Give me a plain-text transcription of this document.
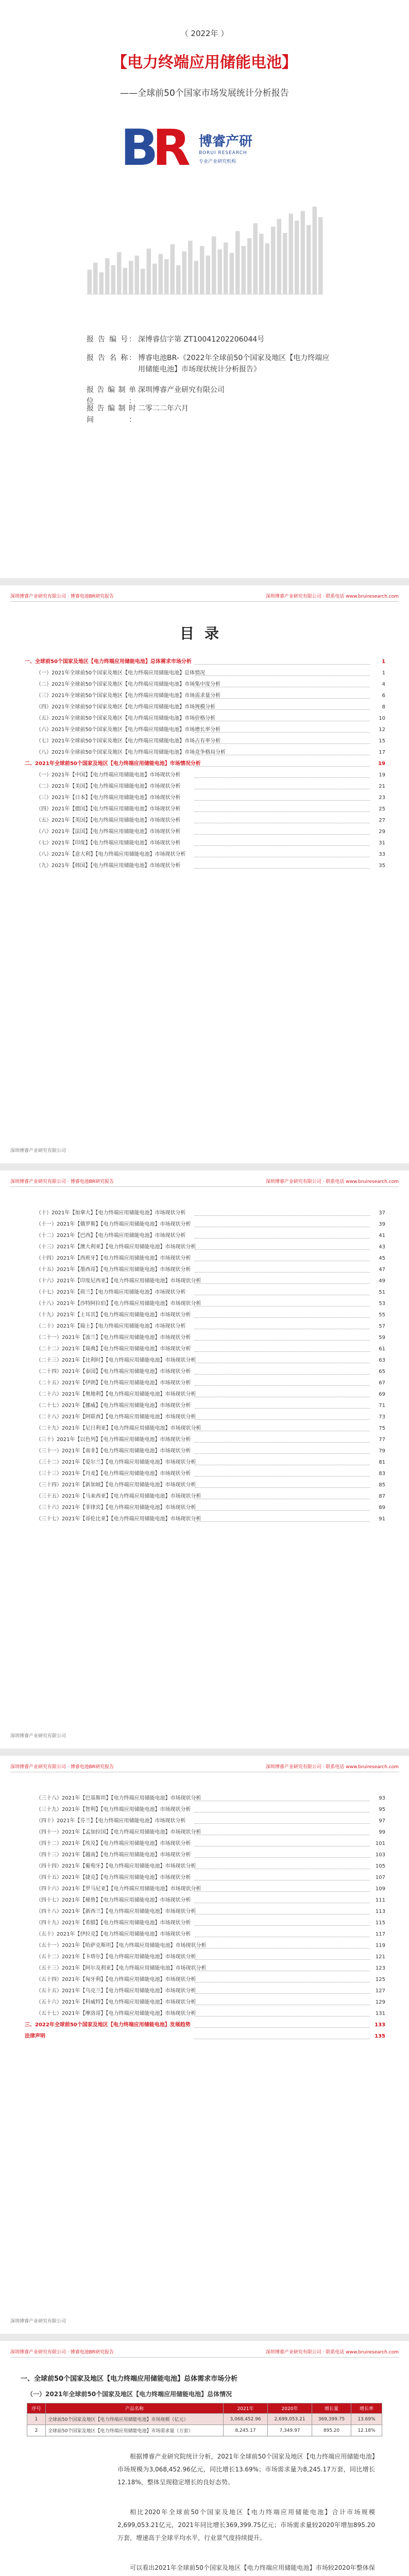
（ 2022年 ）
【电力终端应用储能电池】
——全球前50个国家市场发展统计分析报告
B
R 博睿产研
BORUI RESEARCH
专业产业研究机构
报 告 编 号： 深博睿信字第 ZT10041202206044号
报 告 名 称： 博睿电池BR-《2022年全球前50个国家及地区【电力终端应用储能电池】市场现状统计分析报告》
报告编制单位：深圳博睿产业研究有限公司
报告编制时间：二零二二年六月
深圳博睿产业研究有限公司 · 博睿电池BR研究报告	深圳博睿产业研究有限公司 · 联系电话 www.bruiresearch.com
目录
一、全球前50个国家及地区【电力终端应用储能电池】总体需求市场分析	1
（一）2021年全球前50个国家及地区【电力终端应用储能电池】总体情况	1
（二）2021年全球前50个国家及地区【电力终端应用储能电池】市场集中度分析	4
（三）2021年全球前50个国家及地区【电力终端应用储能电池】市场需求量分析	6
（四）2021年全球前50个国家及地区【电力终端应用储能电池】市场规模分析	8
（五）2021年全球前50个国家及地区【电力终端应用储能电池】市场价格分析	10
（六）2021年全球前50个国家及地区【电力终端应用储能电池】市场增长率分析	12
（七）2021年全球前50个国家及地区【电力终端应用储能电池】市场占有率分析	15
（八）2021年全球前50个国家及地区【电力终端应用储能电池】市场竞争格局分析	17
二、2021年全球前50个国家及地区【电力终端应用储能电池】市场情况分析	19
（一）2021年【中国】【电力终端应用储能电池】市场现状分析	19
（二）2021年【美国】【电力终端应用储能电池】市场现状分析	21
（三）2021年【日本】【电力终端应用储能电池】市场现状分析	23
（四）2021年【德国】【电力终端应用储能电池】市场现状分析	25
（五）2021年【英国】【电力终端应用储能电池】市场现状分析	27
（六）2021年【法国】【电力终端应用储能电池】市场现状分析	29
（七）2021年【印度】【电力终端应用储能电池】市场现状分析	31
（八）2021年【意大利】【电力终端应用储能电池】市场现状分析	33
（九）2021年【韩国】【电力终端应用储能电池】市场现状分析	35
深圳博睿产业研究有限公司
深圳博睿产业研究有限公司 · 博睿电池BR研究报告	深圳博睿产业研究有限公司 · 联系电话 www.bruiresearch.com
（十）2021年【加拿大】【电力终端应用储能电池】市场现状分析	37
（十一）2021年【俄罗斯】【电力终端应用储能电池】市场现状分析	39
（十二）2021年【巴西】【电力终端应用储能电池】市场现状分析	41
（十三）2021年【澳大利亚】【电力终端应用储能电池】市场现状分析	43
（十四）2021年【西班牙】【电力终端应用储能电池】市场现状分析	45
（十五）2021年【墨西哥】【电力终端应用储能电池】市场现状分析	47
（十六）2021年【印度尼西亚】【电力终端应用储能电池】市场现状分析	49
（十七）2021年【荷兰】【电力终端应用储能电池】市场现状分析	51
（十八）2021年【沙特阿拉伯】【电力终端应用储能电池】市场现状分析	53
（十九）2021年【土耳其】【电力终端应用储能电池】市场现状分析	55
（二十）2021年【瑞士】【电力终端应用储能电池】市场现状分析	57
（二十一）2021年【波兰】【电力终端应用储能电池】市场现状分析	59
（二十二）2021年【瑞典】【电力终端应用储能电池】市场现状分析	61
（二十三）2021年【比利时】【电力终端应用储能电池】市场现状分析	63
（二十四）2021年【泰国】【电力终端应用储能电池】市场现状分析	65
（二十五）2021年【伊朗】【电力终端应用储能电池】市场现状分析	67
（二十六）2021年【奥地利】【电力终端应用储能电池】市场现状分析	69
（二十七）2021年【挪威】【电力终端应用储能电池】市场现状分析	71
（二十八）2021年【阿联酋】【电力终端应用储能电池】市场现状分析	73
（二十九）2021年【尼日利亚】【电力终端应用储能电池】市场现状分析	75
（三十）2021年【以色列】【电力终端应用储能电池】市场现状分析	77
（三十一）2021年【南非】【电力终端应用储能电池】市场现状分析	79
（三十二）2021年【爱尔兰】【电力终端应用储能电池】市场现状分析	81
（三十三）2021年【丹麦】【电力终端应用储能电池】市场现状分析	83
（三十四）2021年【新加坡】【电力终端应用储能电池】市场现状分析	85
（三十五）2021年【马来西亚】【电力终端应用储能电池】市场现状分析	87
（三十六）2021年【菲律宾】【电力终端应用储能电池】市场现状分析	89
（三十七）2021年【哥伦比亚】【电力终端应用储能电池】市场现状分析	91
深圳博睿产业研究有限公司
深圳博睿产业研究有限公司 · 博睿电池BR研究报告	深圳博睿产业研究有限公司 · 联系电话 www.bruiresearch.com
（三十八）2021年【巴基斯坦】【电力终端应用储能电池】市场现状分析	93
（三十九）2021年【智利】【电力终端应用储能电池】市场现状分析	95
（四十）2021年【芬兰】【电力终端应用储能电池】市场现状分析	97
（四十一）2021年【孟加拉国】【电力终端应用储能电池】市场现状分析	99
（四十二）2021年【埃及】【电力终端应用储能电池】市场现状分析	101
（四十三）2021年【越南】【电力终端应用储能电池】市场现状分析	103
（四十四）2021年【葡萄牙】【电力终端应用储能电池】市场现状分析	105
（四十五）2021年【捷克】【电力终端应用储能电池】市场现状分析	107
（四十六）2021年【罗马尼亚】【电力终端应用储能电池】市场现状分析	109
（四十七）2021年【秘鲁】【电力终端应用储能电池】市场现状分析	111
（四十八）2021年【新西兰】【电力终端应用储能电池】市场现状分析	113
（四十九）2021年【希腊】【电力终端应用储能电池】市场现状分析	115
（五十）2021年【伊拉克】【电力终端应用储能电池】市场现状分析	117
（五十一）2021年【哈萨克斯坦】【电力终端应用储能电池】市场现状分析	119
（五十二）2021年【卡塔尔】【电力终端应用储能电池】市场现状分析	121
（五十三）2021年【阿尔及利亚】【电力终端应用储能电池】市场现状分析	123
（五十四）2021年【匈牙利】【电力终端应用储能电池】市场现状分析	125
（五十五）2021年【乌克兰】【电力终端应用储能电池】市场现状分析	127
（五十六）2021年【科威特】【电力终端应用储能电池】市场现状分析	129
（五十七）2021年【摩洛哥】【电力终端应用储能电池】市场现状分析	131
三、2022年全球前50个国家及地区【电力终端应用储能电池】发展趋势	133
法律声明	135
深圳博睿产业研究有限公司
深圳博睿产业研究有限公司 · 博睿电池BR研究报告	深圳博睿产业研究有限公司 · 联系电话 www.bruiresearch.com
一、全球前50个国家及地区【电力终端应用储能电池】总体需求市场分析
（一）2021年全球前50个国家及地区【电力终端应用储能电池】总体情况
序号	产品名称	2021年	2020年	增长量	增长率
1	全球前50个国家及地区【电力终端应用储能电池】市场规模（亿元）	3,068,452.96	2,699,053.21	369,399.75	13.69%
2	全球前50个国家及地区【电力终端应用储能电池】市场需求量（万套）	8,245.17	7,349.97	895.20	12.18%
根据博睿产业研究院统计分析，2021年全球前50个国家及地区【电力终端应用储能电池】市场规模为3,068,452.96亿元，同比增长13.69%；市场需求量为8,245.17万套，同比增长12.18%，整体呈现稳定增长的良好态势。
相比2020年全球前50个国家及地区【电力终端应用储能电池】合计市场规模2,699,053.21亿元，2021年同比增长369,399.75亿元；市场需求量较2020年增加895.20万套，增速高于全球平均水平，行业景气度持续提升。
可以看出2021年全球前50个国家及地区【电力终端应用储能电池】市场较2020年整体保
